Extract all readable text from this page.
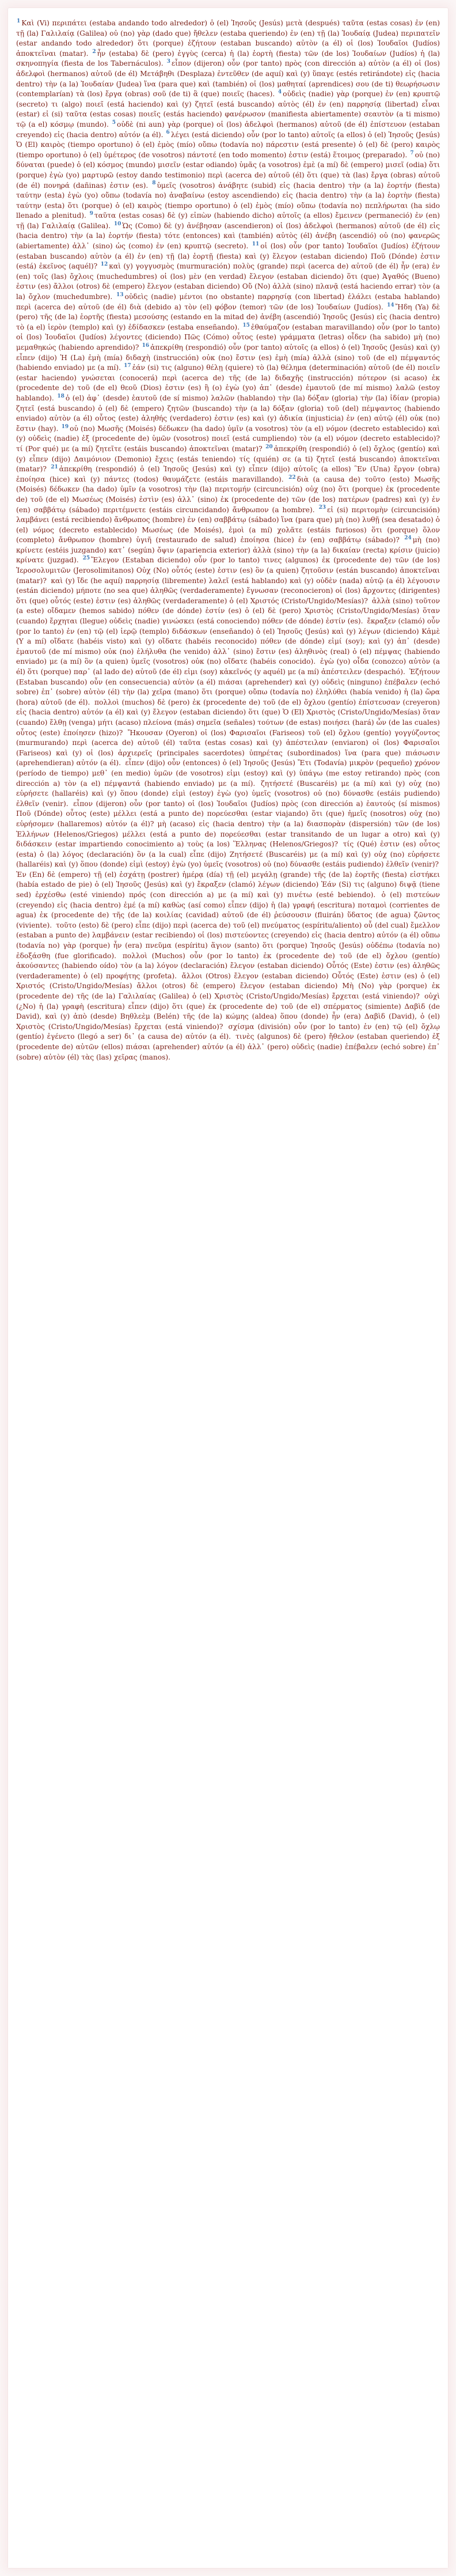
$^1$ Καὶ (Vi) περιπάτει (estaba andando todo alrededor) ὁ (el) Ἰησοῦς (Jesús) μετὰ (después) ταῦτα (estas cosas) ἐν (en) τῇ (la) Γαλιλαίᾳ (Galilea) οὐ (no) γὰρ (dado que) ἤθελεν (estaba queriendo) ἐν (en) τῇ (la) Ἰουδαίᾳ (Judea) περιπατεῖν (estar andando todo alrededor) ὅτι (porque) ἐζήτουν (estaban buscando) αὐτὸν (a él) οἱ (los) Ἰουδαῖοι (Judíos) ἀποκτεῖναι (matar). $^2$ ἦν (estaba) δὲ (pero) ἐγγὺς (cerca) ἡ (la) ἑορτὴ (fiesta) τῶν (de los) Ἰουδαίων (Judíos) ἡ (la) σκηνοπηγία (fiesta de los Tabernáculos). $^3$ εἶπον (dijeron) οὖν (por tanto) πρὸς (con dirección a) αὐτὸν (a él) οἱ (los) ἀδελφοὶ (hermanos) αὐτοῦ (de él) Μετάβηθι (Desplaza) ἐντεῦθεν (de aquí) καὶ (y) ὕπαγε (estés retirándote) εἰς (hacia dentro) τὴν (a la) Ἰουδαίαν (Judea) ἵνα (para que) καὶ (también) οἱ (los) μαθηταί (aprendices) σου (de ti) θεωρήσωσιν (contemplarían) τὰ (los) ἔργα (obras) σοῦ (de ti) ἃ (que) ποιεῖς (haces). $^4$ οὐδεὶς (nadie) γὰρ (porque) ἐν (en) κρυπτῷ (secreto) τι (algo) ποιεῖ (está haciendo) καὶ (y) ζητεῖ (está buscando) αὐτὸς (él) ἐν (en) παρρησίᾳ (libertad) εἶναι (estar) εἰ (si) ταῦτα (estas cosas) ποιεῖς (estás haciendo) φανέρωσον (manifiesta abiertamente) σεαυτὸν (a ti mismo) τῷ (a el) κόσμῳ (mundo). $^5$ οὐδὲ (ni aun) γὰρ (porque) οἱ (los) ἀδελφοὶ (hermanos) αὐτοῦ (de él) ἐπίστευον (estaban creyendo) εἰς (hacia dentro) αὐτόν (a él). $^6$ λέγει (está diciendo) οὖν (por lo tanto) αὐτοῖς (a ellos) ὁ (el) Ἰησοῦς (Jesús) Ὁ (El) καιρὸς (tiempo oportuno) ὁ (el) ἐμὸς (mío) οὔπω (todavía no) πάρεστιν (está presente) ὁ (el) δὲ (pero) καιρὸς (tiempo oportuno) ὁ (el) ὑμέτερος (de vosotros) πάντοτέ (en todo momento) ἐστιν (está) ἕτοιμος (preparado). $^7$ οὐ (no) δύναται (puede) ὁ (el) κόσμος (mundo) μισεῖν (estar odiando) ὑμᾶς (a vosotros) ἐμὲ (a mí) δὲ (empero) μισεῖ (odia) ὅτι (porque) ἐγὼ (yo) μαρτυρῶ (estoy dando testimonio) περὶ (acerca de) αὐτοῦ (él) ὅτι (que) τὰ (las) ἔργα (obras) αὐτοῦ (de él) πονηρά (dañinas) ἐστιν (es). $^8$ ὑμεῖς (vosotros) ἀνάβητε (subid) εἰς (hacia dentro) τὴν (a la) ἑορτήν (fiesta) ταύτην (esta) ἐγὼ (yo) οὔπω (todavía no) ἀναβαίνω (estoy ascendiendo) εἰς (hacia dentro) τὴν (a la) ἑορτὴν (fiesta) ταύτην (esta) ὅτι (porque) ὁ (el) καιρὸς (tiempo oportuno) ὁ (el) ἐμὸς (mío) οὔπω (todavía no) πεπλήρωται (ha sido llenado a plenitud). $^9$ ταῦτα (estas cosas) δὲ (y) εἰπὼν (habiendo dicho) αὐτοῖς (a ellos) ἔμεινεν (permaneció) ἐν (en) τῇ (la) Γαλιλαίᾳ (Galilea). $^{10}$ Ὡς (Como) δὲ (y) ἀνέβησαν (ascendieron) οἱ (los) ἀδελφοὶ (hermanos) αὐτοῦ (de él) εἰς (hacia dentro) τὴν (a la) ἑορτήν (fiesta) τότε (entonces) καὶ (también) αὐτὸς (él) ἀνέβη (ascendió) οὐ (no) φανερῶς (abiertamente) ἀλλ᾽ (sino) ὡς (como) ἐν (en) κρυπτῷ (secreto). $^{11}$ οἱ (los) οὖν (por tanto) Ἰουδαῖοι (Judíos) ἐζήτουν (estaban buscando) αὐτὸν (a él) ἐν (en) τῇ (la) ἑορτῇ (fiesta) καὶ (y) ἔλεγον (estaban diciendo) Ποῦ (Dónde) ἐστιν (está) ἐκεῖνος (aquél)? $^{12}$ καὶ (y) γογγυσμὸς (murmuración) πολὺς (grande) περὶ (acerca de) αὐτοῦ (de él) ἦν (era) ἐν (en) τοῖς (las) ὄχλοις (muchedumbres) οἱ (los) μὲν (en verdad) ἔλεγον (estaban diciendo) ὅτι (que) Ἀγαθός (Bueno) ἐστιν (es) ἄλλοι (otros) δὲ (empero) ἔλεγον (estaban diciendo) Οὔ (No) ἀλλὰ (sino) πλανᾷ (está haciendo errar) τὸν (a la) ὄχλον (muchedumbre). $^{13}$ οὐδεὶς (nadie) μέντοι (no obstante) παρρησίᾳ (con libertad) ἐλάλει (estaba hablando) περὶ (acerca de) αὐτοῦ (de él) διὰ (debido a) τὸν (el) φόβον (temor) τῶν (de los) Ἰουδαίων (Judíos). $^{14}$ Ἤδη (Ya) δὲ (pero) τῆς (de la) ἑορτῆς (fiesta) μεσούσης (estando en la mitad de) ἀνέβη (ascendió) Ἰησοῦς (Jesús) εἰς (hacia dentro) τὸ (a el) ἱερὸν (templo) καὶ (y) ἐδίδασκεν (estaba enseñando). $^{15}$ ἐθαύμαζον (estaban maravillando) οὖν (por lo tanto) οἱ (los) Ἰουδαῖοι (Judíos) λέγοντες (diciendo) Πῶς (Cómo) οὗτος (este) γράμματα (letras) οἶδεν (ha sabido) μὴ (no) μεμαθηκώς (habiendo aprendido)? $^{16}$ ἀπεκρίθη (respondió) οὖν (por tanto) αὐτοῖς (a ellos) ὁ (el) Ἰησοῦς (Jesús) καὶ (y) εἶπεν (dijo) Ἡ (La) ἐμὴ (mía) διδαχὴ (instrucción) οὐκ (no) ἔστιν (es) ἐμὴ (mía) ἀλλὰ (sino) τοῦ (de el) πέμψαντός (habiendo enviado) με (a mí). $^{17}$ ἐάν (si) τις (alguno) θέλῃ (quiere) τὸ (la) θέλημα (determinación) αὐτοῦ (de él) ποιεῖν (estar haciendo) γνώσεται (conocerá) περὶ (acerca de) τῆς (de la) διδαχῆς (instrucción) πότερον (si acaso) ἐκ (procedente de) τοῦ (de el) θεοῦ (Dios) ἐστιν (es) ἢ (o) ἐγὼ (yo) ἀπ᾽ (desde) ἐμαυτοῦ (de mí mismo) λαλῶ (estoy hablando). $^{18}$ ὁ (el) ἀφ᾽ (desde) ἑαυτοῦ (de sí mismo) λαλῶν (hablando) τὴν (la) δόξαν (gloria) τὴν (la) ἰδίαν (propia) ζητεῖ (está buscando) ὁ (el) δὲ (empero) ζητῶν (buscando) τὴν (a la) δόξαν (gloria) τοῦ (del) πέμψαντος (habiendo enviado) αὐτὸν (a él) οὗτος (este) ἀληθής (verdadero) ἐστιν (es) καὶ (y) ἀδικία (injusticia) ἐν (en) αὐτῷ (él) οὐκ (no) ἔστιν (hay). $^{19}$ οὐ (no) Μωσῆς (Moisés) δέδωκεν (ha dado) ὑμῖν (a vosotros) τὸν (a el) νόμον (decreto establecido) καὶ (y) οὐδεὶς (nadie) ἐξ (procedente de) ὑμῶν (vosotros) ποιεῖ (está cumpliendo) τὸν (a el) νόμον (decreto establecido)? τί (Por qué) με (a mí) ζητεῖτε (estáis buscando) ἀποκτεῖναι (matar)? $^{20}$ ἀπεκρίθη (respondió) ὁ (el) ὄχλος (gentío) καὶ (y) εἶπεν (dijo) Δαιμόνιον (Demonio) ἔχεις (estás teniendo) τίς (quién) σε (a ti) ζητεῖ (está buscando) ἀποκτεῖναι (matar)? $^{21}$ ἀπεκρίθη (respondió) ὁ (el) Ἰησοῦς (Jesús) καὶ (y) εἶπεν (dijo) αὐτοῖς (a ellos) Ἓν (Una) ἔργον (obra) ἐποίησα (hice) καὶ (y) πάντες (todos) θαυμάζετε (estáis maravillando). $^{22}$ διὰ (a causa de) τοῦτο (esto) Μωσῆς (Moisés) δέδωκεν (ha dado) ὑμῖν (a vosotros) τὴν (la) περιτομήν (circuncisión) οὐχ (no) ὅτι (porque) ἐκ (procedente de) τοῦ (de el) Μωσέως (Moisés) ἐστὶν (es) ἀλλ᾽ (sino) ἐκ (procedente de) τῶν (de los) πατέρων (padres) καὶ (y) ἐν (en) σαββάτῳ (sábado) περιτέμνετε (estáis circuncidando) ἄνθρωπον (a hombre). $^{23}$ εἰ (si) περιτομὴν (circuncisión) λαμβάνει (está recibiendo) ἄνθρωπος (hombre) ἐν (en) σαββάτῳ (sábado) ἵνα (para que) μὴ (no) λυθῇ (sea desatado) ὁ (el) νόμος (decreto establecido) Μωσέως (de Moisés), ἐμοὶ (a mí) χολᾶτε (estáis furiosos) ὅτι (porque) ὅλον (completo) ἄνθρωπον (hombre) ὑγιῆ (restaurado de salud) ἐποίησα (hice) ἐν (en) σαββάτῳ (sábado)? $^{24}$ μὴ (no) κρίνετε (estéis juzgando) κατ᾽ (según) ὄψιν (apariencia exterior) ἀλλὰ (sino) τὴν (a la) δικαίαν (recta) κρίσιν (juicio) κρίνατε (juzgad). $^{25}$ Ἔλεγον (Estaban diciendo) οὖν (por lo tanto) τινες (algunos) ἐκ (procedente de) τῶν (de los) Ἱεροσολυμιτῶν (Jerosolimitanos) Οὐχ (No) οὗτός (este) ἐστιν (es) ὃν (a quien) ζητοῦσιν (están buscando) ἀποκτεῖναι (matar)? καὶ (y) ἴδε (he aquí) παρρησίᾳ (libremente) λαλεῖ (está hablando) καὶ (y) οὐδὲν (nada) αὐτῷ (a él) λέγουσιν (están diciendo) μήποτε (no sea que) ἀληθῶς (verdaderamente) ἔγνωσαν (reconocieron) οἱ (los) ἄρχοντες (dirigentes) ὅτι (que) οὗτός (este) ἐστιν (es) ἀληθῶς (verdaderamente) ὁ (el) Χριστός (Cristo/Ungido/Mesías)? ἀλλὰ (sino) τοῦτον (a este) οἴδαμεν (hemos sabido) πόθεν (de dónde) ἐστίν (es) ὁ (el) δὲ (pero) Χριστὸς (Cristo/Ungido/Mesías) ὅταν (cuando) ἔρχηται (llegue) οὐδεὶς (nadie) γινώσκει (está conociendo) πόθεν (de dónde) ἐστίν (es). ἔκραξεν (clamó) οὖν (por lo tanto) ἐν (en) τῷ (el) ἱερῷ (templo) διδάσκων (enseñando) ὁ (el) Ἰησοῦς (Jesús) καὶ (y) λέγων (diciendo) Κἀμὲ (Y a mí) οἴδατε (habéis visto) καὶ (y) οἴδατε (habéis reconocido) πόθεν (de dónde) εἰμί (soy); καὶ (y) ἀπ᾽ (desde) ἐμαυτοῦ (de mí mismo) οὐκ (no) ἐλήλυθα (he venido) ἀλλ᾽ (sino) ἔστιν (es) ἀληθινὸς (real) ὁ (el) πέμψας (habiendo enviado) με (a mí) ὃν (a quien) ὑμεῖς (vosotros) οὐκ (no) οἴδατε (habéis conocido). ἐγὼ (yo) οἶδα (conozco) αὐτὸν (a él) ὅτι (porque) παρ᾽ (al lado de) αὐτοῦ (de él) εἰμι (soy) κἀκεῖνός (y aquél) με (a mí) ἀπέστειλεν (despachó). Ἐζήτουν (Estaban buscando) οὖν (en consecuencia) αὐτὸν (a él) πιάσαι (aprehender) καὶ (y) οὐδεὶς (ninguno) ἐπέβαλεν (echó sobre) ἐπ᾽ (sobre) αὐτὸν (él) τὴν (la) χεῖρα (mano) ὅτι (porque) οὔπω (todavía no) ἐληλύθει (había venido) ἡ (la) ὥρα (hora) αὐτοῦ (de él). πολλοὶ (muchos) δὲ (pero) ἐκ (procedente de) τοῦ (de el) ὄχλου (gentío) ἐπίστευσαν (creyeron) εἰς (hacia dentro) αὐτόν (a él) καὶ (y) ἔλεγον (estaban diciendo) ὅτι (que) Ὁ (El) Χριστὸς (Cristo/Ungido/Mesías) ὅταν (cuando) ἔλθῃ (venga) μήτι (acaso) πλείονα (más) σημεῖα (señales) τούτων (de estas) ποιήσει (hará) ὧν (de las cuales) οὗτος (este) ἐποίησεν (hizo)? Ἤκουσαν (Oyeron) οἱ (los) Φαρισαῖοι (Fariseos) τοῦ (el) ὄχλου (gentío) γογγύζοντος (murmurando) περὶ (acerca de) αὐτοῦ (él) ταῦτα (estas cosas) καὶ (y) ἀπέστειλαν (enviaron) οἱ (los) Φαρισαῖοι (Fariseos) καὶ (y) οἱ (los) ἀρχιερεῖς (principales sacerdotes) ὑπηρέτας (subordinados) ἵνα (para que) πιάσωσιν (aprehendieran) αὐτόν (a él). εἶπεν (dijo) οὖν (entonces) ὁ (el) Ἰησοῦς (Jesús) Ἔτι (Todavía) μικρὸν (pequeño) χρόνον (período de tiempo) μεθ᾽ (en medio) ὑμῶν (de vosotros) εἰμι (estoy) καὶ (y) ὑπάγω (me estoy retirando) πρὸς (con dirección a) τὸν (a el) πέμψαντά (habiendo enviado) με (a mí). ζητήσετέ (Buscaréis) με (a mí) καὶ (y) οὐχ (no) εὑρήσετε (hallaréis) καὶ (y) ὅπου (donde) εἰμὶ (estoy) ἐγὼ (yo) ὑμεῖς (vosotros) οὐ (no) δύνασθε (estáis pudiendo) ἐλθεῖν (venir). εἶπον (dijeron) οὖν (por tanto) οἱ (los) Ἰουδαῖοι (Judíos) πρὸς (con dirección a) ἑαυτούς (sí mismos) Ποῦ (Dónde) οὗτος (este) μέλλει (está a punto de) πορεύεσθαι (estar viajando) ὅτι (que) ἡμεῖς (nosotros) οὐχ (no) εὑρήσομεν (hallaremos) αὐτόν (a él)? μὴ (acaso) εἰς (hacia dentro) τὴν (a la) διασπορὰν (dispersión) τῶν (de los) Ἑλλήνων (Helenos/Griegos) μέλλει (está a punto de) πορεύεσθαι (estar transitando de un lugar a otro) καὶ (y) διδάσκειν (estar impartiendo conocimiento a) τοὺς (a los) Ἕλληνας (Helenos/Griegos)? τίς (Qué) ἐστιν (es) οὗτος (esta) ὁ (la) λόγος (declaración) ὃν (a la cual) εἶπε (dijo) Ζητήσετέ (Buscaréis) με (a mí) καὶ (y) οὐχ (no) εὑρήσετε (hallaréis) καὶ (y) ὅπου (donde) εἰμὶ (estoy) ἐγὼ (yo) ὑμεῖς (vosotros) οὐ (no) δύνασθε (estáis pudiendo) ἐλθεῖν (venir)? Ἐν (En) δὲ (empero) τῇ (el) ἐσχάτῃ (postrer) ἡμέρᾳ (día) τῇ (el) μεγάλῃ (grande) τῆς (de la) ἑορτῆς (fiesta) εἱστήκει (había estado de pie) ὁ (el) Ἰησοῦς (Jesús) καὶ (y) ἔκραξεν (clamó) λέγων (diciendo) Ἐάν (Si) τις (alguno) διψᾷ (tiene sed) ἐρχέσθω (esté viniendo) πρός (con dirección a) με (a mí) καὶ (y) πινέτω (esté bebiendo). ὁ (el) πιστεύων (creyendo) εἰς (hacia dentro) ἐμέ (a mí) καθὼς (así como) εἶπεν (dijo) ἡ (la) γραφή (escritura) ποταμοὶ (corrientes de agua) ἐκ (procedente de) τῆς (de la) κοιλίας (cavidad) αὐτοῦ (de él) ῥεύσουσιν (fluirán) ὕδατος (de agua) ζῶντος (viviente). τοῦτο (esto) δὲ (pero) εἶπε (dijo) περὶ (acerca de) τοῦ (el) πνεύματος (espíritu/aliento) οὗ (del cual) ἔμελλον (estaban a punto de) λαμβάνειν (estar recibiendo) οἱ (los) πιστεύοντες (creyendo) εἰς (hacia dentro) αὐτόν (a él) οὔπω (todavía no) γὰρ (porque) ἦν (era) πνεῦμα (espíritu) ἅγιον (santo) ὅτι (porque) Ἰησοῦς (Jesús) οὐδέπω (todavía no) ἐδοξάσθη (fue glorificado). πολλοὶ (Muchos) οὖν (por lo tanto) ἐκ (procedente de) τοῦ (de el) ὄχλου (gentío) ἀκούσαντες (habiendo oído) τὸν (a la) λόγον (declaración) ἔλεγον (estaban diciendo) Οὗτός (Este) ἐστιν (es) ἀληθῶς (verdaderamente) ὁ (el) προφήτης (profeta). ἄλλοι (Otros) ἔλεγον (estaban diciendo) Οὗτός (Este) ἐστιν (es) ὁ (el) Χριστός (Cristo/Ungido/Mesías) ἄλλοι (otros) δὲ (empero) ἔλεγον (estaban diciendo) Μὴ (No) γὰρ (porque) ἐκ (procedente de) τῆς (de la) Γαλιλαίας (Galilea) ὁ (el) Χριστὸς (Cristo/Ungido/Mesías) ἔρχεται (está viniendo)? οὐχὶ (¿No) ἡ (la) γραφὴ (escritura) εἶπεν (dijo) ὅτι (que) ἐκ (procedente de) τοῦ (de el) σπέρματος (simiente) Δαβὶδ (de David), καὶ (y) ἀπὸ (desde) Βηθλεὲμ (Belén) τῆς (de la) κώμης (aldea) ὅπου (donde) ἦν (era) Δαβὶδ (David), ὁ (el) Χριστὸς (Cristo/Ungido/Mesías) ἔρχεται (está viniendo)? σχίσμα (división) οὖν (por lo tanto) ἐν (en) τῷ (el) ὄχλῳ (gentío) ἐγένετο (llegó a ser) δι᾽ (a causa de) αὐτόν (a él). τινὲς (algunos) δὲ (pero) ἤθελον (estaban queriendo) ἐξ (procedente de) αὐτῶν (ellos) πιάσαι (aprehender) αὐτόν (a él) ἀλλ᾽ (pero) οὐδεὶς (nadie) ἐπέβαλεν (echó sobre) ἐπ᾽ (sobre) αὐτὸν (él) τὰς (las) χεῖρας (manos).
